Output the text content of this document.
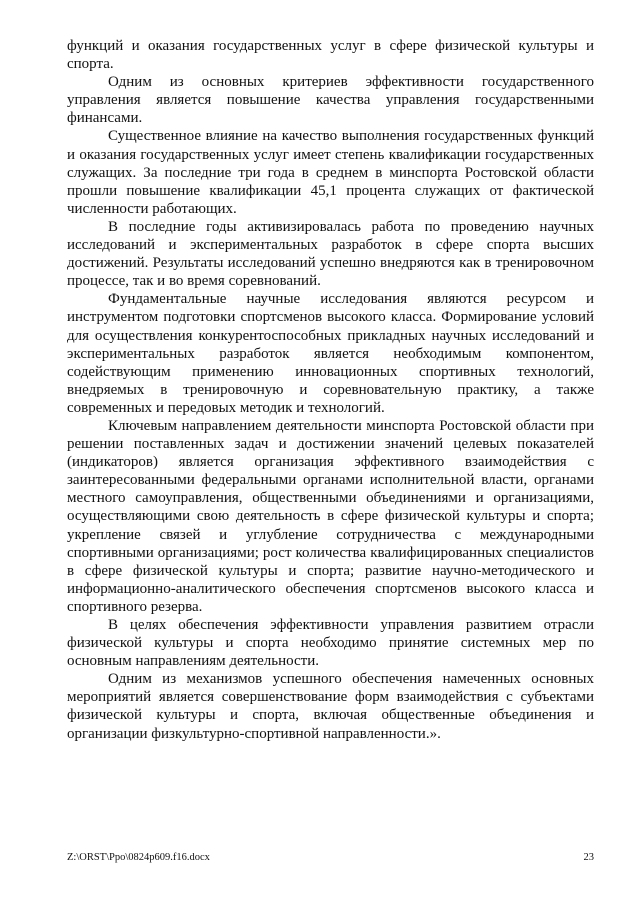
функций и оказания государственных услуг в сфере физической культуры и спорта.

Одним из основных критериев эффективности государственного управления является повышение качества управления государственными финансами.

Существенное влияние на качество выполнения государственных функций и оказания государственных услуг имеет степень квалификации государственных служащих. За последние три года в среднем в минспорта Ростовской области прошли повышение квалификации 45,1 процента служащих от фактической численности работающих.

В последние годы активизировалась работа по проведению научных исследований и экспериментальных разработок в сфере спорта высших достижений. Результаты исследований успешно внедряются как в тренировочном процессе, так и во время соревнований.

Фундаментальные научные исследования являются ресурсом и инструментом подготовки спортсменов высокого класса. Формирование условий для осуществления конкурентоспособных прикладных научных исследований и экспериментальных разработок является необходимым компонентом, содействующим применению инновационных спортивных технологий, внедряемых в тренировочную и соревновательную практику, а также современных и передовых методик и технологий.

Ключевым направлением деятельности минспорта Ростовской области при решении поставленных задач и достижении значений целевых показателей (индикаторов) является организация эффективного взаимодействия с заинтересованными федеральными органами исполнительной власти, органами местного самоуправления, общественными объединениями и организациями, осуществляющими свою деятельность в сфере физической культуры и спорта; укрепление связей и углубление сотрудничества с международными спортивными организациями; рост количества квалифицированных специалистов в сфере физической культуры и спорта; развитие научно-методического и информационно-аналитического обеспечения спортсменов высокого класса и спортивного резерва.

В целях обеспечения эффективности управления развитием отрасли физической культуры и спорта необходимо принятие системных мер по основным направлениям деятельности.

Одним из механизмов успешного обеспечения намеченных основных мероприятий является совершенствование форм взаимодействия с субъектами физической культуры и спорта, включая общественные объединения и организации физкультурно-спортивной направленности.».

Z:\ORST\Ppo\0824p609.f16.docx	23
